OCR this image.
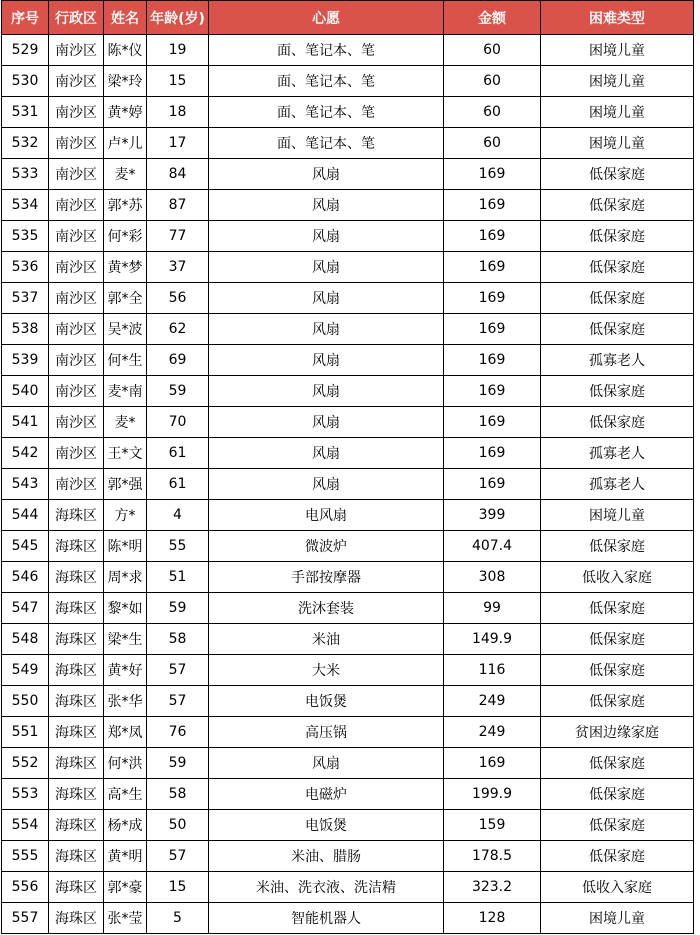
序号	行政区	姓名	年龄(岁)	心愿	金额	困难类型
529	南沙区	陈*仪	19	面、笔记本、笔	60	困境儿童
530	南沙区	梁*玲	15	面、笔记本、笔	60	困境儿童
531	南沙区	黄*婷	18	面、笔记本、笔	60	困境儿童
532	南沙区	卢*儿	17	面、笔记本、笔	60	困境儿童
533	南沙区	麦*	84	风扇	169	低保家庭
534	南沙区	郭*苏	87	风扇	169	低保家庭
535	南沙区	何*彩	77	风扇	169	低保家庭
536	南沙区	黄*梦	37	风扇	169	低保家庭
537	南沙区	郭*全	56	风扇	169	低保家庭
538	南沙区	吴*波	62	风扇	169	低保家庭
539	南沙区	何*生	69	风扇	169	孤寡老人
540	南沙区	麦*南	59	风扇	169	低保家庭
541	南沙区	麦*	70	风扇	169	低保家庭
542	南沙区	王*文	61	风扇	169	孤寡老人
543	南沙区	郭*强	61	风扇	169	孤寡老人
544	海珠区	方*	4	电风扇	399	困境儿童
545	海珠区	陈*明	55	微波炉	407.4	低保家庭
546	海珠区	周*求	51	手部按摩器	308	低收入家庭
547	海珠区	黎*如	59	洗沐套装	99	低保家庭
548	海珠区	梁*生	58	米油	149.9	低保家庭
549	海珠区	黄*好	57	大米	116	低保家庭
550	海珠区	张*华	57	电饭煲	249	低保家庭
551	海珠区	郑*凤	76	高压锅	249	贫困边缘家庭
552	海珠区	何*洪	59	风扇	169	低保家庭
553	海珠区	高*生	58	电磁炉	199.9	低保家庭
554	海珠区	杨*成	50	电饭煲	159	低保家庭
555	海珠区	黄*明	57	米油、腊肠	178.5	低保家庭
556	海珠区	郭*豪	15	米油、洗衣液、洗洁精	323.2	低收入家庭
557	海珠区	张*莹	5	智能机器人	128	困境儿童
